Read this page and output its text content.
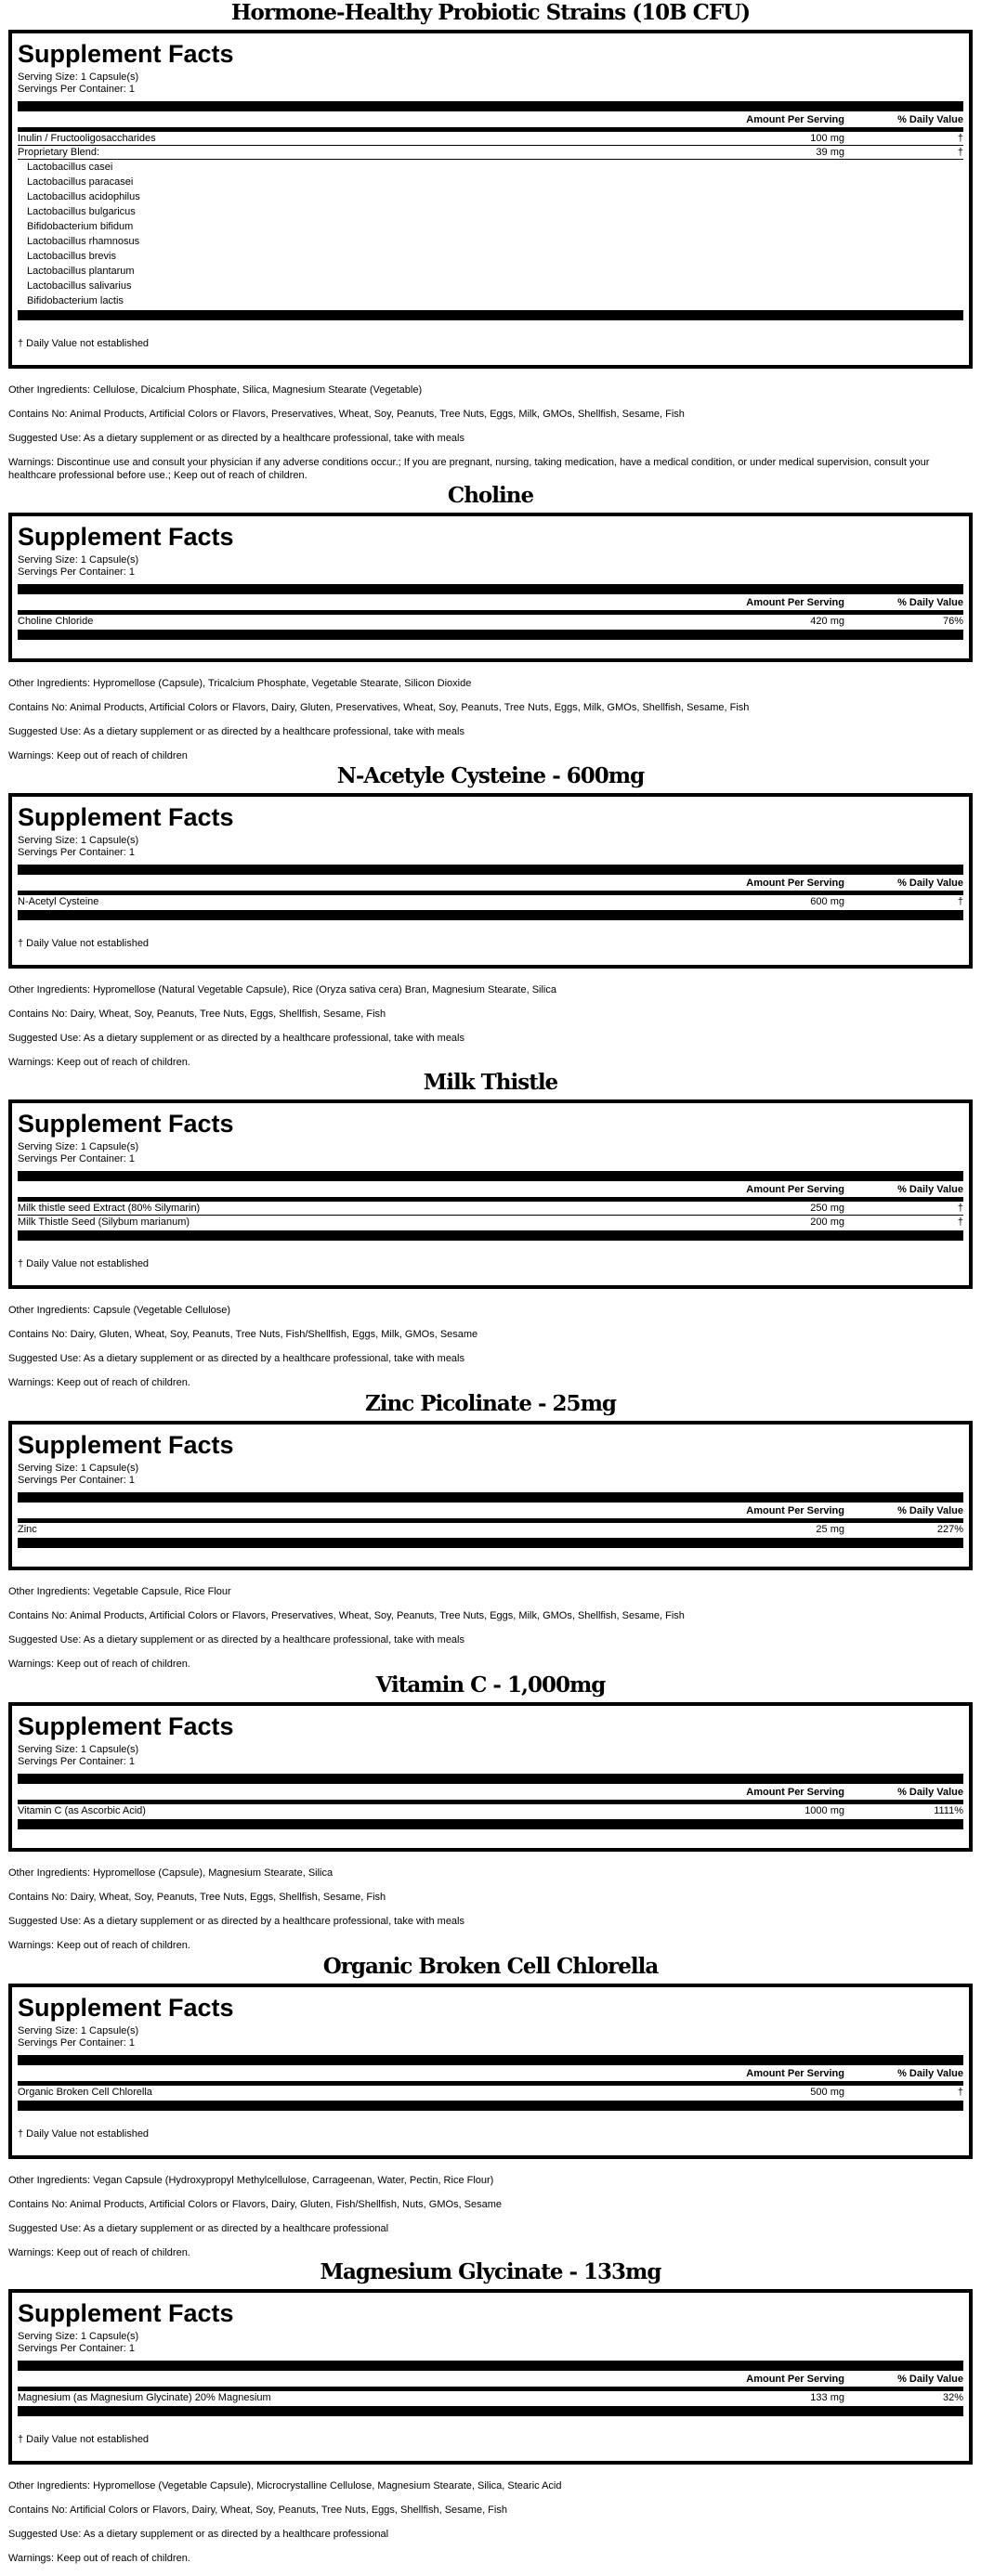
Hormone-Healthy Probiotic Strains (10B CFU)
Supplement Facts
Serving Size: 1 Capsule(s)
Servings Per Container: 1
Amount Per Serving	% Daily Value
Inulin / Fructooligosaccharides	100 mg	†
Proprietary Blend:	39 mg	†
Lactobacillus casei
Lactobacillus paracasei
Lactobacillus acidophilus
Lactobacillus bulgaricus
Bifidobacterium bifidum
Lactobacillus rhamnosus
Lactobacillus brevis
Lactobacillus plantarum
Lactobacillus salivarius
Bifidobacterium lactis
† Daily Value not established

Other Ingredients: Cellulose, Dicalcium Phosphate, Silica, Magnesium Stearate (Vegetable)

Contains No: Animal Products, Artificial Colors or Flavors, Preservatives, Wheat, Soy, Peanuts, Tree Nuts, Eggs, Milk, GMOs, Shellfish, Sesame, Fish

Suggested Use: As a dietary supplement or as directed by a healthcare professional, take with meals

Warnings: Discontinue use and consult your physician if any adverse conditions occur.; If you are pregnant, nursing, taking medication, have a medical condition, or under medical supervision, consult your healthcare professional before use.; Keep out of reach of children.

Choline
Supplement Facts
Serving Size: 1 Capsule(s)
Servings Per Container: 1
Amount Per Serving	% Daily Value
Choline Chloride	420 mg	76%

Other Ingredients: Hypromellose (Capsule), Tricalcium Phosphate, Vegetable Stearate, Silicon Dioxide

Contains No: Animal Products, Artificial Colors or Flavors, Dairy, Gluten, Preservatives, Wheat, Soy, Peanuts, Tree Nuts, Eggs, Milk, GMOs, Shellfish, Sesame, Fish

Suggested Use: As a dietary supplement or as directed by a healthcare professional, take with meals

Warnings: Keep out of reach of children

N-Acetyle Cysteine - 600mg
Supplement Facts
Serving Size: 1 Capsule(s)
Servings Per Container: 1
Amount Per Serving	% Daily Value
N-Acetyl Cysteine	600 mg	†
† Daily Value not established

Other Ingredients: Hypromellose (Natural Vegetable Capsule), Rice (Oryza sativa cera) Bran, Magnesium Stearate, Silica

Contains No: Dairy, Wheat, Soy, Peanuts, Tree Nuts, Eggs, Shellfish, Sesame, Fish

Suggested Use: As a dietary supplement or as directed by a healthcare professional, take with meals

Warnings: Keep out of reach of children.

Milk Thistle
Supplement Facts
Serving Size: 1 Capsule(s)
Servings Per Container: 1
Amount Per Serving	% Daily Value
Milk thistle seed Extract (80% Silymarin)	250 mg	†
Milk Thistle Seed (Silybum marianum)	200 mg	†
† Daily Value not established

Other Ingredients: Capsule (Vegetable Cellulose)

Contains No: Dairy, Gluten, Wheat, Soy, Peanuts, Tree Nuts, Fish/Shellfish, Eggs, Milk, GMOs, Sesame

Suggested Use: As a dietary supplement or as directed by a healthcare professional, take with meals

Warnings: Keep out of reach of children.

Zinc Picolinate - 25mg
Supplement Facts
Serving Size: 1 Capsule(s)
Servings Per Container: 1
Amount Per Serving	% Daily Value
Zinc	25 mg	227%

Other Ingredients: Vegetable Capsule, Rice Flour

Contains No: Animal Products, Artificial Colors or Flavors, Preservatives, Wheat, Soy, Peanuts, Tree Nuts, Eggs, Milk, GMOs, Shellfish, Sesame, Fish

Suggested Use: As a dietary supplement or as directed by a healthcare professional, take with meals

Warnings: Keep out of reach of children.

Vitamin C - 1,000mg
Supplement Facts
Serving Size: 1 Capsule(s)
Servings Per Container: 1
Amount Per Serving	% Daily Value
Vitamin C (as Ascorbic Acid)	1000 mg	1111%

Other Ingredients: Hypromellose (Capsule), Magnesium Stearate, Silica

Contains No: Dairy, Wheat, Soy, Peanuts, Tree Nuts, Eggs, Shellfish, Sesame, Fish

Suggested Use: As a dietary supplement or as directed by a healthcare professional, take with meals

Warnings: Keep out of reach of children.

Organic Broken Cell Chlorella
Supplement Facts
Serving Size: 1 Capsule(s)
Servings Per Container: 1
Amount Per Serving	% Daily Value
Organic Broken Cell Chlorella	500 mg	†
† Daily Value not established

Other Ingredients: Vegan Capsule (Hydroxypropyl Methylcellulose, Carrageenan, Water, Pectin, Rice Flour)

Contains No: Animal Products, Artificial Colors or Flavors, Dairy, Gluten, Fish/Shellfish, Nuts, GMOs, Sesame

Suggested Use: As a dietary supplement or as directed by a healthcare professional

Warnings: Keep out of reach of children.

Magnesium Glycinate - 133mg
Supplement Facts
Serving Size: 1 Capsule(s)
Servings Per Container: 1
Amount Per Serving	% Daily Value
Magnesium (as Magnesium Glycinate) 20% Magnesium	133 mg	32%
† Daily Value not established

Other Ingredients: Hypromellose (Vegetable Capsule), Microcrystalline Cellulose, Magnesium Stearate, Silica, Stearic Acid

Contains No: Artificial Colors or Flavors, Dairy, Wheat, Soy, Peanuts, Tree Nuts, Eggs, Shellfish, Sesame, Fish

Suggested Use: As a dietary supplement or as directed by a healthcare professional

Warnings: Keep out of reach of children.
